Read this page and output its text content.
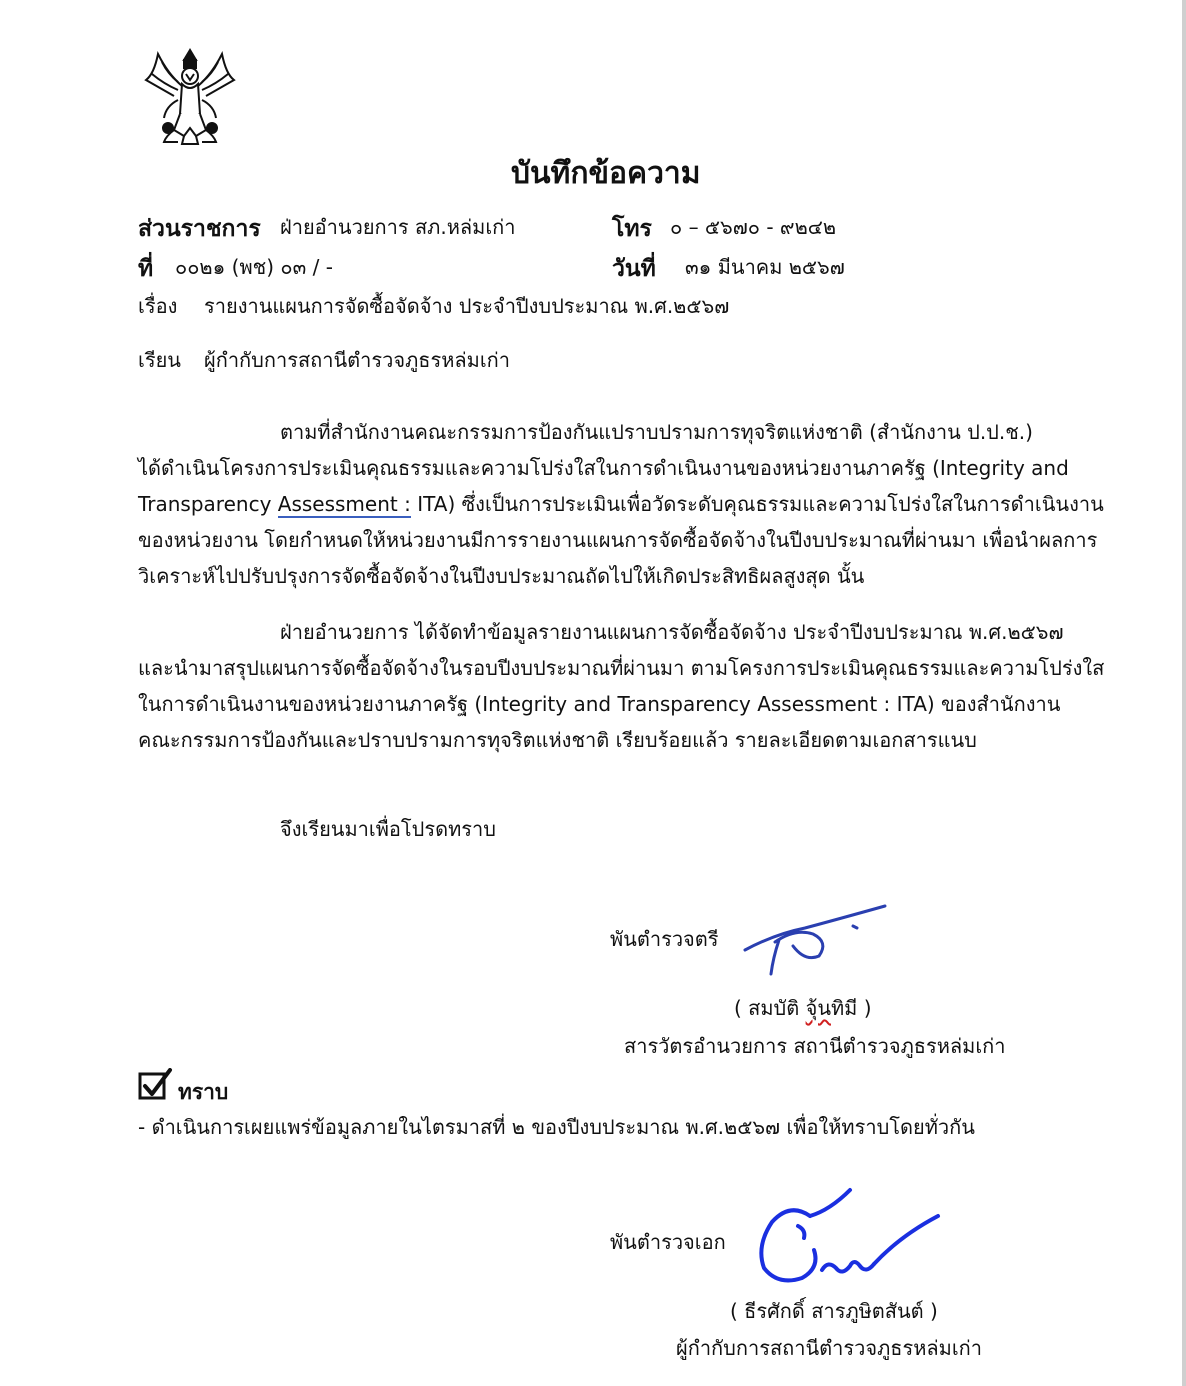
บันทึกข้อความ
ส่วนราชการ ฝ่ายอำนวยการ สภ.หล่มเก่า	โทร ๐ – ๕๖๗๐ - ๙๒๔๒
ที่ ๐๐๒๑ (พช) ๐๓ / -	วันที่ ๓๑ มีนาคม ๒๕๖๗
เรื่อง รายงานแผนการจัดซื้อจัดจ้าง ประจำปีงบประมาณ พ.ศ.๒๕๖๗
เรียน ผู้กำกับการสถานีตำรวจภูธรหล่มเก่า
ตามที่สำนักงานคณะกรรมการป้องกันแปราบปรามการทุจริตแห่งชาติ (สำนักงาน ป.ป.ช.)
ได้ดำเนินโครงการประเมินคุณธรรมและความโปร่งใสในการดำเนินงานของหน่วยงานภาครัฐ (Integrity and
Transparency Assessment : ITA) ซึ่งเป็นการประเมินเพื่อวัดระดับคุณธรรมและความโปร่งใสในการดำเนินงาน
ของหน่วยงาน โดยกำหนดให้หน่วยงานมีการรายงานแผนการจัดซื้อจัดจ้างในปีงบประมาณที่ผ่านมา เพื่อนำผลการ
วิเคราะห์ไปปรับปรุงการจัดซื้อจัดจ้างในปีงบประมาณถัดไปให้เกิดประสิทธิผลสูงสุด นั้น
ฝ่ายอำนวยการ ได้จัดทำข้อมูลรายงานแผนการจัดซื้อจัดจ้าง ประจำปีงบประมาณ พ.ศ.๒๕๖๗
และนำมาสรุปแผนการจัดซื้อจัดจ้างในรอบปีงบประมาณที่ผ่านมา ตามโครงการประเมินคุณธรรมและความโปร่งใส
ในการดำเนินงานของหน่วยงานภาครัฐ (Integrity and Transparency Assessment : ITA) ของสำนักงาน
คณะกรรมการป้องกันและปราบปรามการทุจริตแห่งชาติ เรียบร้อยแล้ว รายละเอียดตามเอกสารแนบ
จึงเรียนมาเพื่อโปรดทราบ
พันตำรวจตรี
( สมบัติ จุ้นทิมี )
สารวัตรอำนวยการ สถานีตำรวจภูธรหล่มเก่า
ทราบ
- ดำเนินการเผยแพร่ข้อมูลภายในไตรมาสที่ ๒ ของปีงบประมาณ พ.ศ.๒๕๖๗ เพื่อให้ทราบโดยทั่วกัน
พันตำรวจเอก
( ธีรศักดิ์ สารภูษิตสันต์ )
ผู้กำกับการสถานีตำรวจภูธรหล่มเก่า
